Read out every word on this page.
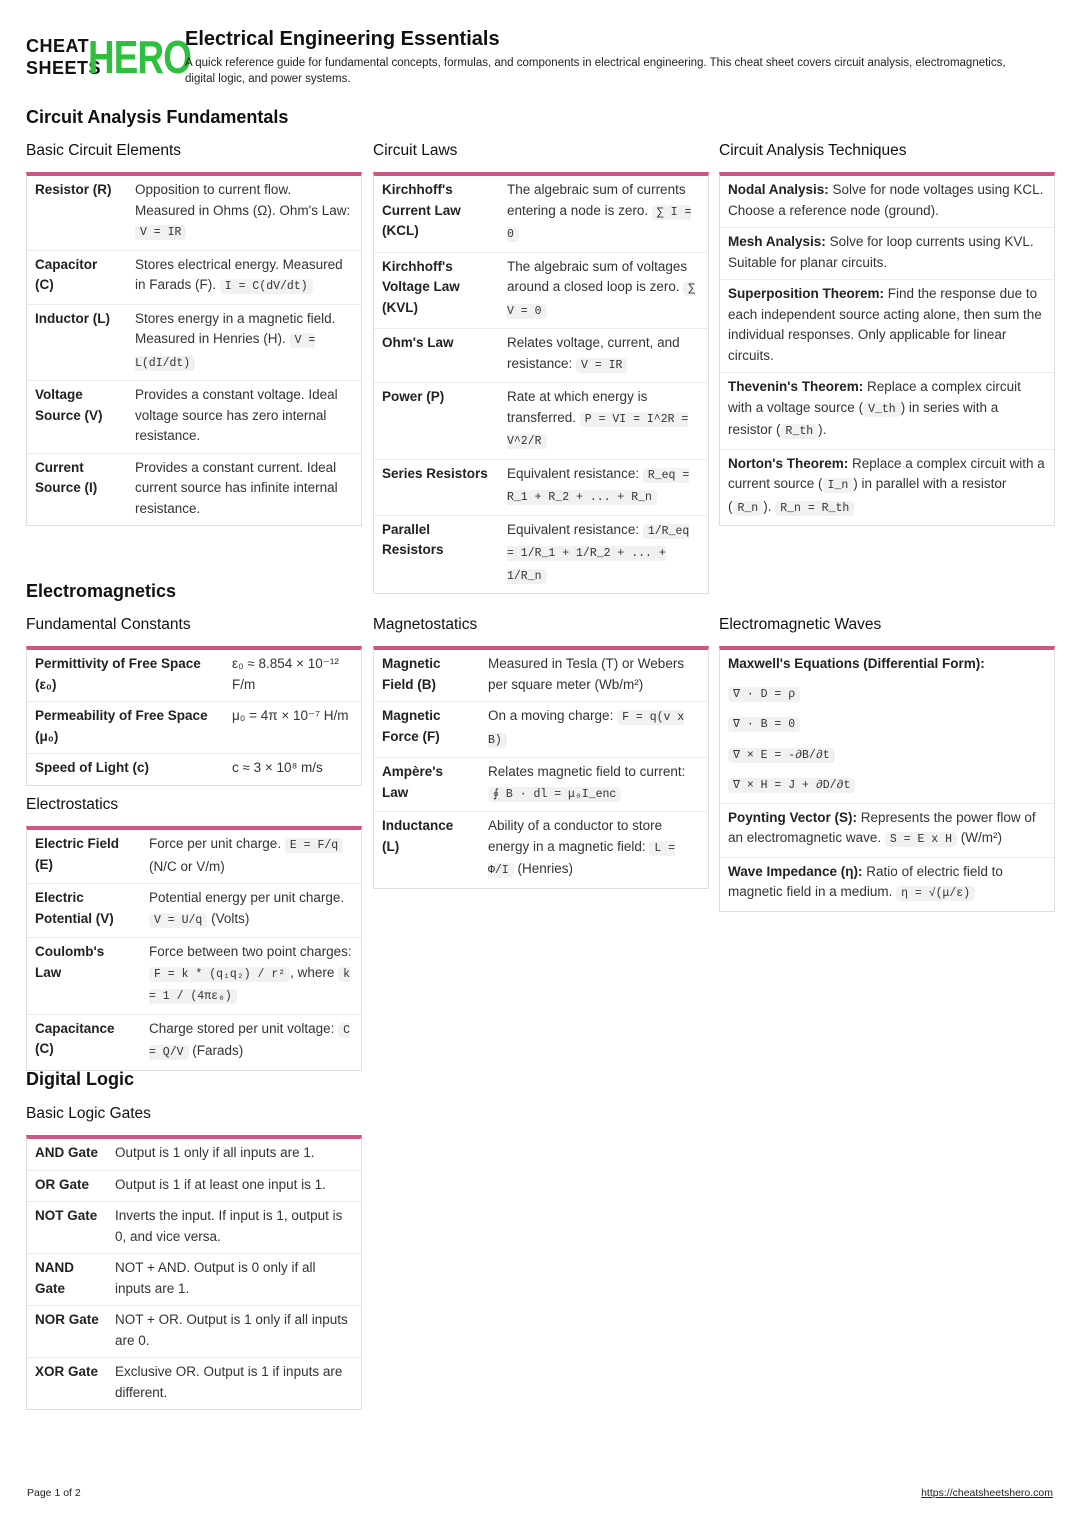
CHEAT
SHEETS
HERO
Electrical Engineering Essentials
A quick reference guide for fundamental concepts, formulas, and components in electrical engineering. This cheat sheet covers circuit analysis, electromagnetics, digital logic, and power systems.
Circuit Analysis Fundamentals
Basic Circuit Elements
Resistor (R)	Opposition to current flow. Measured in Ohms (Ω). Ohm's Law: V = IR
Capacitor (C)	Stores electrical energy. Measured in Farads (F). I = C(dV/dt)
Inductor (L)	Stores energy in a magnetic field. Measured in Henries (H). V = L(dI/dt)
Voltage Source (V)	Provides a constant voltage. Ideal voltage source has zero internal resistance.
Current Source (I)	Provides a constant current. Ideal current source has infinite internal resistance.
Circuit Laws
Kirchhoff's Current Law (KCL)	The algebraic sum of currents entering a node is zero. ∑ I = 0
Kirchhoff's Voltage Law (KVL)	The algebraic sum of voltages around a closed loop is zero. ∑ V = 0
Ohm's Law	Relates voltage, current, and resistance: V = IR
Power (P)	Rate at which energy is transferred. P = VI = I^2R = V^2/R
Series Resistors	Equivalent resistance: R_eq = R_1 + R_2 + ... + R_n
Parallel Resistors	Equivalent resistance: 1/R_eq = 1/R_1 + 1/R_2 + ... + 1/R_n
Circuit Analysis Techniques
Nodal Analysis: Solve for node voltages using KCL. Choose a reference node (ground).
Mesh Analysis: Solve for loop currents using KVL. Suitable for planar circuits.
Superposition Theorem: Find the response due to each independent source acting alone, then sum the individual responses. Only applicable for linear circuits.
Thevenin's Theorem: Replace a complex circuit with a voltage source ( V_th ) in series with a resistor ( R_th ).
Norton's Theorem: Replace a complex circuit with a current source ( I_n ) in parallel with a resistor ( R_n ). R_n = R_th
Electromagnetics
Fundamental Constants
Permittivity of Free Space (ε₀)	ε₀ ≈ 8.854 × 10⁻¹² F/m
Permeability of Free Space (μ₀)	μ₀ = 4π × 10⁻⁷ H/m
Speed of Light (c)	c ≈ 3 × 10⁸ m/s
Electrostatics
Electric Field (E)	Force per unit charge. E = F/q (N/C or V/m)
Electric Potential (V)	Potential energy per unit charge. V = U/q (Volts)
Coulomb's Law	Force between two point charges: F = k * (q₁q₂) / r² , where k = 1 / (4πε₀)
Capacitance (C)	Charge stored per unit voltage: C = Q/V (Farads)
Magnetostatics
Magnetic Field (B)	Measured in Tesla (T) or Webers per square meter (Wb/m²)
Magnetic Force (F)	On a moving charge: F = q(v x B)
Ampère's Law	Relates magnetic field to current: ∮ B · dl = μ₀I_enc
Inductance (L)	Ability of a conductor to store energy in a magnetic field: L = Φ/I (Henries)
Electromagnetic Waves
Maxwell's Equations (Differential Form):
∇ · D = ρ
∇ · B = 0
∇ × E = -∂B/∂t
∇ × H = J + ∂D/∂t
Poynting Vector (S): Represents the power flow of an electromagnetic wave. S = E x H (W/m²)
Wave Impedance (η): Ratio of electric field to magnetic field in a medium. η = √(μ/ε)
Digital Logic
Basic Logic Gates
AND Gate	Output is 1 only if all inputs are 1.
OR Gate	Output is 1 if at least one input is 1.
NOT Gate	Inverts the input. If input is 1, output is 0, and vice versa.
NAND Gate	NOT + AND. Output is 0 only if all inputs are 1.
NOR Gate	NOT + OR. Output is 1 only if all inputs are 0.
XOR Gate	Exclusive OR. Output is 1 if inputs are different.
Page 1 of 2	https://cheatsheetshero.com
